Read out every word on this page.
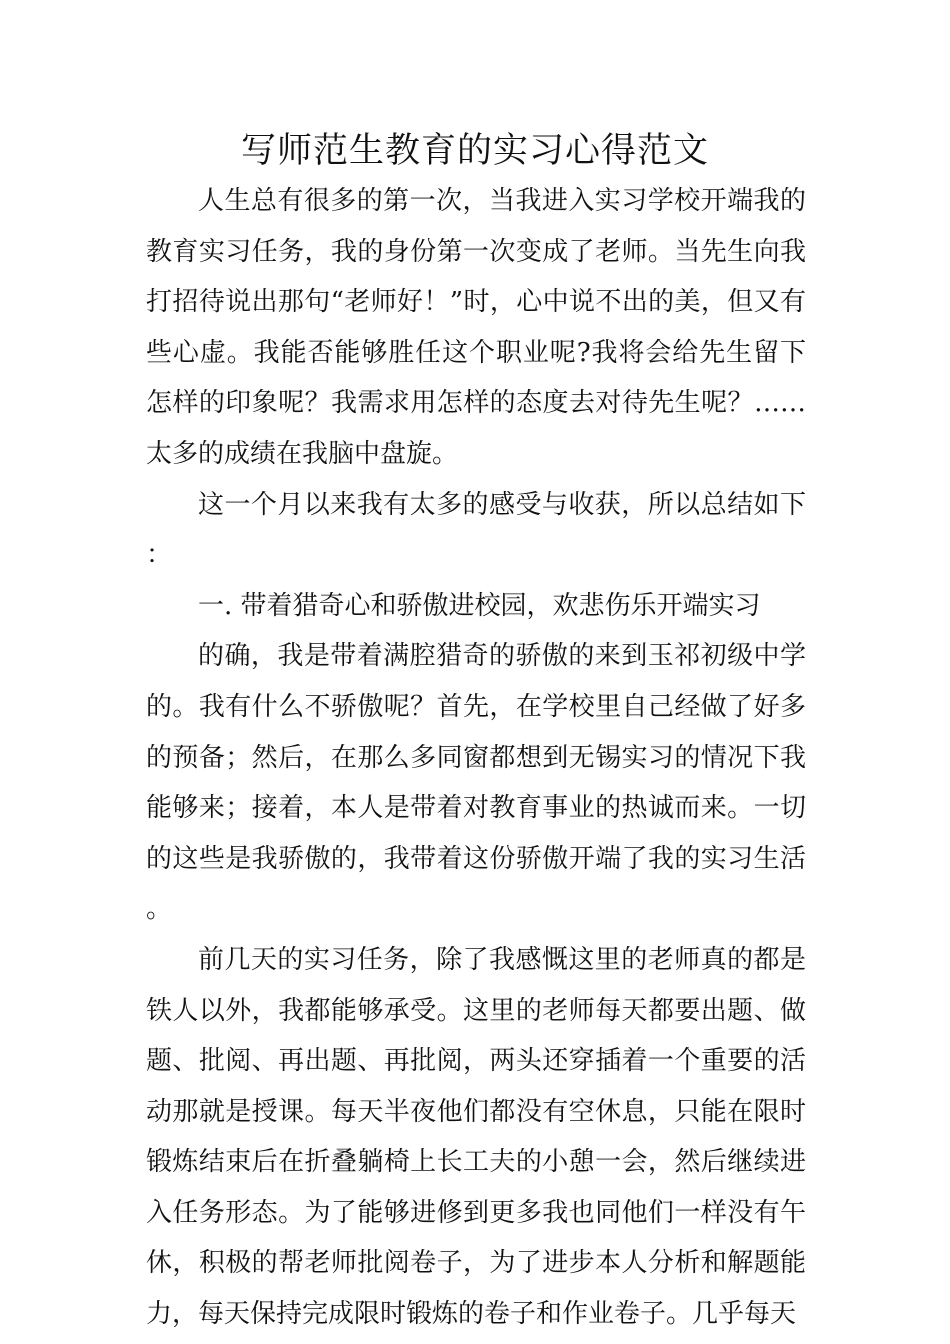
写师范生教育的实习心得范文

人生总有很多的第一次，当我进入实习学校开端我的教育实习任务，我的身份第一次变成了老师。当先生向我打招待说出那句“老师好！”时，心中说不出的美，但又有些心虚。我能否能够胜任这个职业呢?我将会给先生留下怎样的印象呢？我需求用怎样的态度去对待先生呢？……太多的成绩在我脑中盘旋。

这一个月以来我有太多的感受与收获，所以总结如下：

一. 带着猎奇心和骄傲进校园，欢悲伤乐开端实习

的确，我是带着满腔猎奇的骄傲的来到玉祁初级中学的。我有什么不骄傲呢？首先，在学校里自己经做了好多的预备；然后，在那么多同窗都想到无锡实习的情况下我能够来；接着，本人是带着对教育事业的热诚而来。一切的这些是我骄傲的，我带着这份骄傲开端了我的实习生活。

前几天的实习任务，除了我感慨这里的老师真的都是铁人以外，我都能够承受。这里的老师每天都要出题、做题、批阅、再出题、再批阅，两头还穿插着一个重要的活动那就是授课。每天半夜他们都没有空休息，只能在限时锻炼结束后在折叠躺椅上长工夫的小憩一会，然后继续进入任务形态。为了能够进修到更多我也同他们一样没有午休，积极的帮老师批阅卷子，为了进步本人分析和解题能力，每天保持完成限时锻炼的卷子和作业卷子。几乎每天
